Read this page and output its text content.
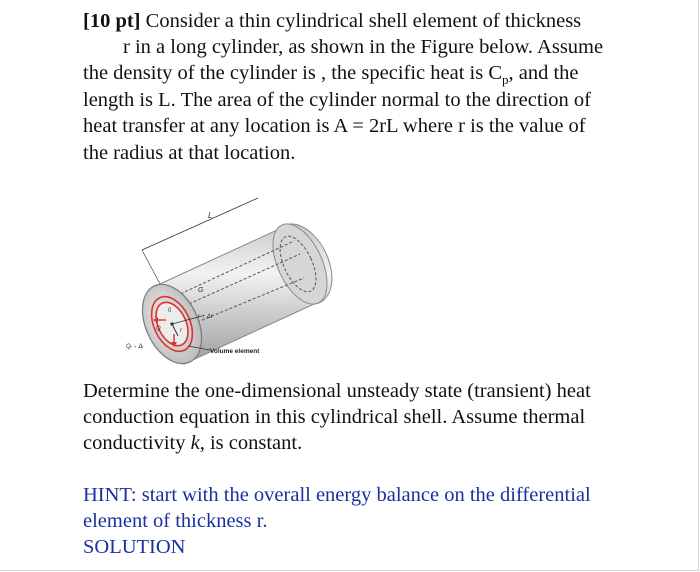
[10 pt] Consider a thin cylindrical shell element of thickness

r in a long cylinder, as shown in the Figure below. Assume

the density of the cylinder is , the specific heat is $C_p$, and the

length is L. The area of the cylinder normal to the direction of

heat transfer at any location is A = 2rL where r is the value of

the radius at that location.

L
G
0
r
Q
r + Δr
Qᵣ ₊ Δᵣ
Volume element

Determine the one-dimensional unsteady state (transient) heat

conduction equation in this cylindrical shell. Assume thermal

conductivity k, is constant.

HINT: start with the overall energy balance on the differential

element of thickness r.

SOLUTION
